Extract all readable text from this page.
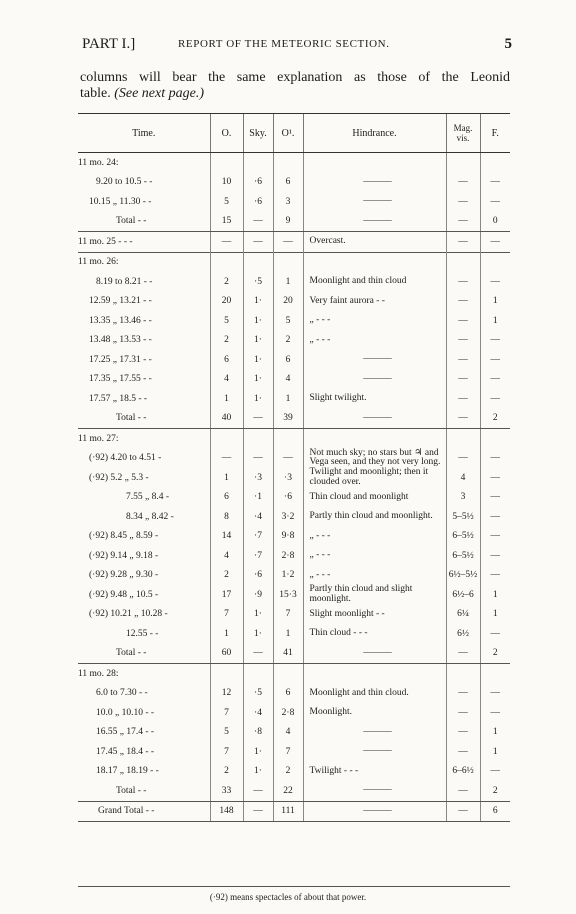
PART I.]	REPORT OF THE METEORIC SECTION.	5
columns will bear the same explanation as those of the Leonid
table. (See next page.)
Time.	O.	Sky.	O¹.	Hindrance.	Mag. vis.	F.
11 mo. 24:						
9.20 to 10.5 - -	10	·6	6	———	—	—
10.15 „ 11.30 - -	5	·6	3	———	—	—
Total - -	15	—	9	———	—	0
11 mo. 25 - - -	—	—	—	Overcast.	—	—
11 mo. 26:						
8.19 to 8.21 - -	2	·5	1	Moonlight and thin cloud	—	—
12.59 „ 13.21 - -	20	1·	20	Very faint aurora - -	—	1
13.35 „ 13.46 - -	5	1·	5	„ - - -	—	1
13.48 „ 13.53 - -	2	1·	2	„ - - -	—	—
17.25 „ 17.31 - -	6	1·	6	———	—	—
17.35 „ 17.55 - -	4	1·	4	———	—	—
17.57 „ 18.5 - -	1	1·	1	Slight twilight.	—	—
Total - -	40	—	39	———	—	2
11 mo. 27:						
(·92) 4.20 to 4.51 -	—	—	—	Not much sky; no stars but ♃ and Vega seen, and they not very long.	—	—
(·92) 5.2 „ 5.3 -	1	·3	·3	Twilight and moonlight; then it clouded over.	4	—
7.55 „ 8.4 -	6	·1	·6	Thin cloud and moonlight	3	—
8.34 „ 8.42 -	8	·4	3·2	Partly thin cloud and moonlight.	5–5½	—
(·92) 8.45 „ 8.59 -	14	·7	9·8	„ - - -	6–5½	—
(·92) 9.14 „ 9.18 -	4	·7	2·8	„ - - -	6–5½	—
(·92) 9.28 „ 9.30 -	2	·6	1·2	„ - - -	6½–5½	—
(·92) 9.48 „ 10.5 -	17	·9	15·3	Partly thin cloud and slight moonlight.	6½–6	1
(·92) 10.21 „ 10.28 -	7	1·	7	Slight moonlight - -	6¼	1
12.55 - -	1	1·	1	Thin cloud - - -	6½	—
Total - -	60	—	41	———	—	2
11 mo. 28:						
6.0 to 7.30 - -	12	·5	6	Moonlight and thin cloud.	—	—
10.0 „ 10.10 - -	7	·4	2·8	Moonlight.	—	—
16.55 „ 17.4 - -	5	·8	4	———	—	1
17.45 „ 18.4 - -	7	1·	7	———	—	1
18.17 „ 18.19 - -	2	1·	2	Twilight - - -	6–6½	—
Total - -	33	—	22	———	—	2
Grand Total - -	148	—	111	———	—	6
(·92) means spectacles of about that power.
